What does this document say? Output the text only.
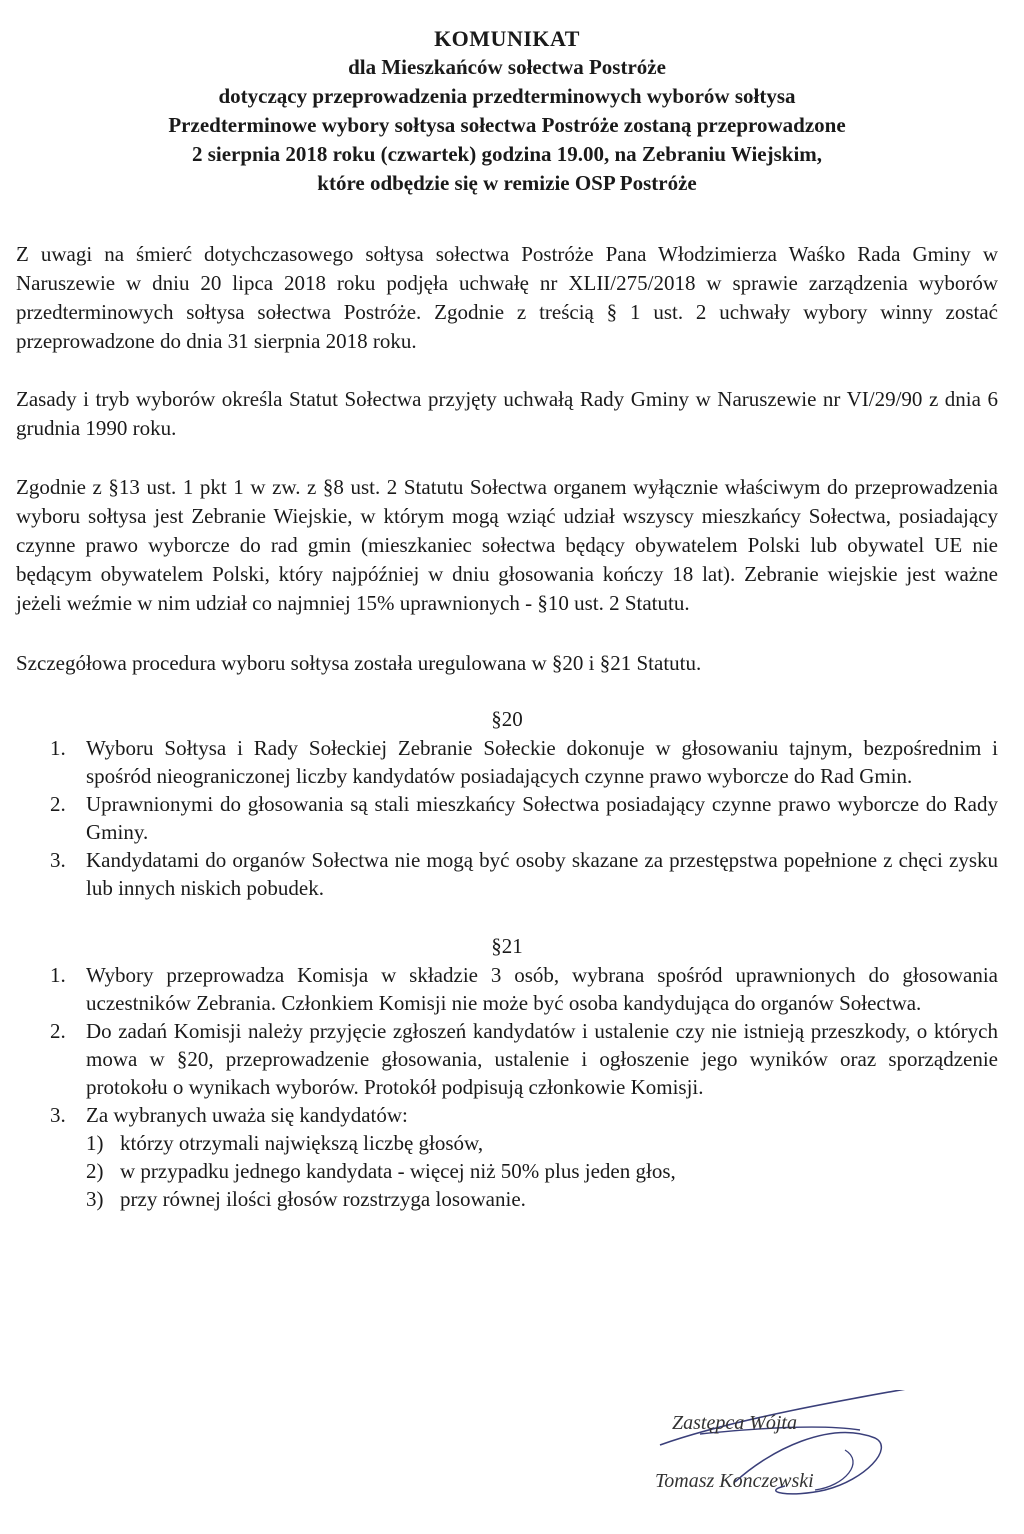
KOMUNIKAT
dla Mieszkańców sołectwa Postróże
dotyczący przeprowadzenia przedterminowych wyborów sołtysa
Przedterminowe wybory sołtysa sołectwa Postróże zostaną przeprowadzone
2 sierpnia 2018 roku (czwartek) godzina 19.00, na Zebraniu Wiejskim,
które odbędzie się w remizie OSP Postróże

Z uwagi na śmierć dotychczasowego sołtysa sołectwa Postróże Pana Włodzimierza Waśko Rada Gminy w Naruszewie w dniu 20 lipca 2018 roku podjęła uchwałę nr XLII/275/2018 w sprawie zarządzenia wyborów przedterminowych sołtysa sołectwa Postróże. Zgodnie z treścią § 1 ust. 2 uchwały wybory winny zostać przeprowadzone do dnia 31 sierpnia 2018 roku.

Zasady i tryb wyborów określa Statut Sołectwa przyjęty uchwałą Rady Gminy w Naruszewie nr VI/29/90 z dnia 6 grudnia 1990 roku.

Zgodnie z §13 ust. 1 pkt 1 w zw. z §8 ust. 2 Statutu Sołectwa organem wyłącznie właściwym do przeprowadzenia wyboru sołtysa jest Zebranie Wiejskie, w którym mogą wziąć udział wszyscy mieszkańcy Sołectwa, posiadający czynne prawo wyborcze do rad gmin (mieszkaniec sołectwa będący obywatelem Polski lub obywatel UE nie będącym obywatelem Polski, który najpóźniej w dniu głosowania kończy 18 lat). Zebranie wiejskie jest ważne jeżeli weźmie w nim udział co najmniej 15% uprawnionych - §10 ust. 2 Statutu.

Szczegółowa procedura wyboru sołtysa została uregulowana w §20 i §21 Statutu.

§20
1. Wyboru Sołtysa i Rady Sołeckiej Zebranie Sołeckie dokonuje w głosowaniu tajnym, bezpośrednim i spośród nieograniczonej liczby kandydatów posiadających czynne prawo wyborcze do Rad Gmin.
2. Uprawnionymi do głosowania są stali mieszkańcy Sołectwa posiadający czynne prawo wyborcze do Rady Gminy.
3. Kandydatami do organów Sołectwa nie mogą być osoby skazane za przestępstwa popełnione z chęci zysku lub innych niskich pobudek.
§21
1. Wybory przeprowadza Komisja w składzie 3 osób, wybrana spośród uprawnionych do głosowania uczestników Zebrania. Członkiem Komisji nie może być osoba kandydująca do organów Sołectwa.
2. Do zadań Komisji należy przyjęcie zgłoszeń kandydatów i ustalenie czy nie istnieją przeszkody, o których mowa w §20, przeprowadzenie głosowania, ustalenie i ogłoszenie jego wyników oraz sporządzenie protokołu o wynikach wyborów. Protokół podpisują członkowie Komisji.
3. Za wybranych uważa się kandydatów:
1) którzy otrzymali największą liczbę głosów,
2) w przypadku jednego kandydata - więcej niż 50% plus jeden głos,
3) przy równej ilości głosów rozstrzyga losowanie.
Zastępca Wójta
Tomasz Konczewski
